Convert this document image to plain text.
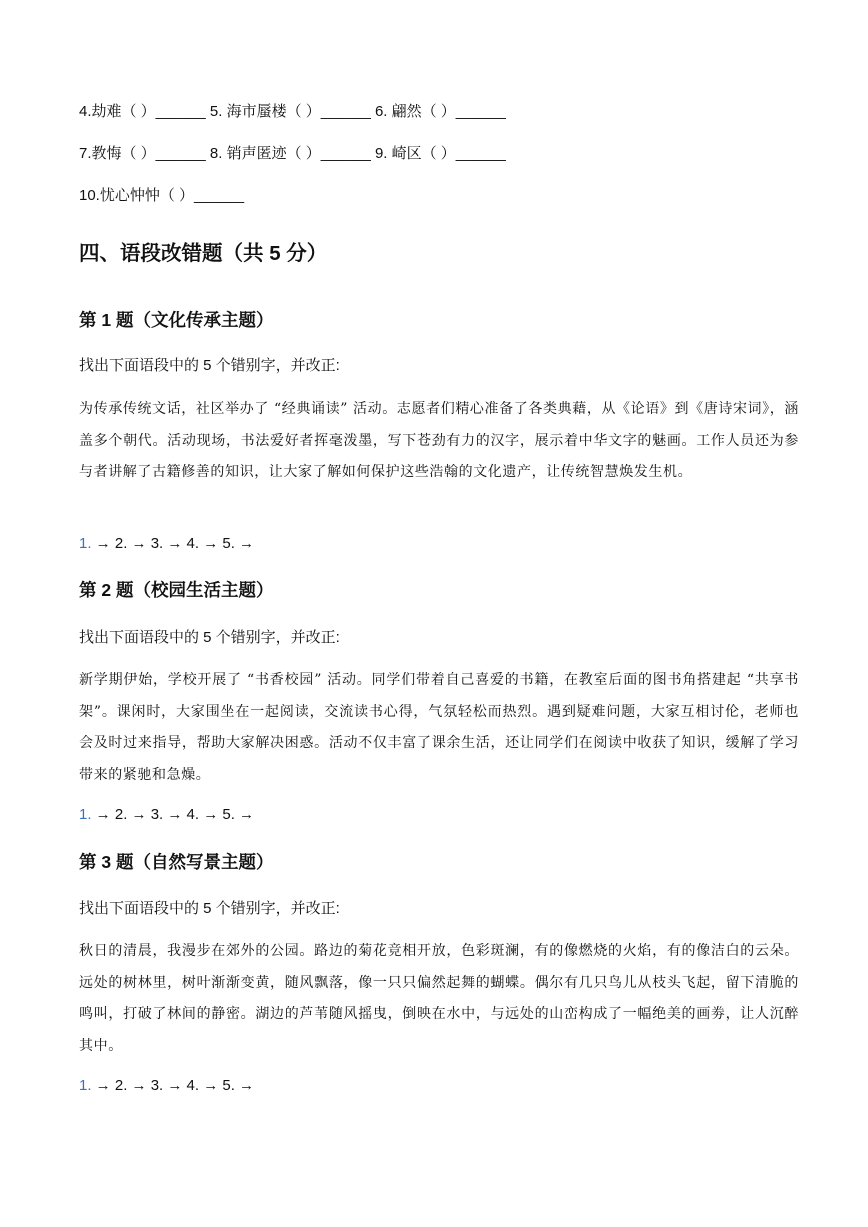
4.劫难（ ）______ 5. 海市蜃楼（ ）______ 6. 翩然（ ）______
7.教悔（ ）______ 8. 销声匿迹（ ）______ 9. 崎区（ ）______
10.忧心忡忡（ ）______
四、语段改错题（共 5 分）
第 1 题（文化传承主题）
找出下面语段中的 5 个错别字，并改正:

为传承传统文话，社区举办了 “经典诵读” 活动。志愿者们精心准备了各类典藉，从《论语》到《唐诗宋词》，涵盖多个朝代。活动现场，书法爱好者挥毫泼墨，写下苍劲有力的汉字，展示着中华文字的魅画。工作人员还为参与者讲解了古籍修善的知识，让大家了解如何保护这些浩翰的文化遗产，让传统智慧焕发生机。

1. → 2. → 3. → 4. → 5. →
第 2 题（校园生活主题）
找出下面语段中的 5 个错别字，并改正:

新学期伊始，学校开展了 “书香校园” 活动。同学们带着自己喜爱的书籍，在教室后面的图书角搭建起 “共享书架”。课闲时，大家围坐在一起阅读，交流读书心得，气氛轻松而热烈。遇到疑难问题，大家互相讨伦，老师也会及时过来指导，帮助大家解决困惑。活动不仅丰富了课余生活，还让同学们在阅读中收获了知识，缓解了学习带来的紧驰和急燥。

1. → 2. → 3. → 4. → 5. →
第 3 题（自然写景主题）
找出下面语段中的 5 个错别字，并改正:

秋日的清晨，我漫步在郊外的公园。路边的菊花竞相开放，色彩斑澜，有的像燃烧的火焰，有的像洁白的云朵。远处的树林里，树叶渐渐变黄，随风飘落，像一只只偏然起舞的蝴蝶。偶尔有几只鸟儿从枝头飞起，留下清脆的鸣叫，打破了林间的静密。湖边的芦苇随风摇曳，倒映在水中，与远处的山峦构成了一幅绝美的画劵，让人沉醉其中。

1. → 2. → 3. → 4. → 5. →
